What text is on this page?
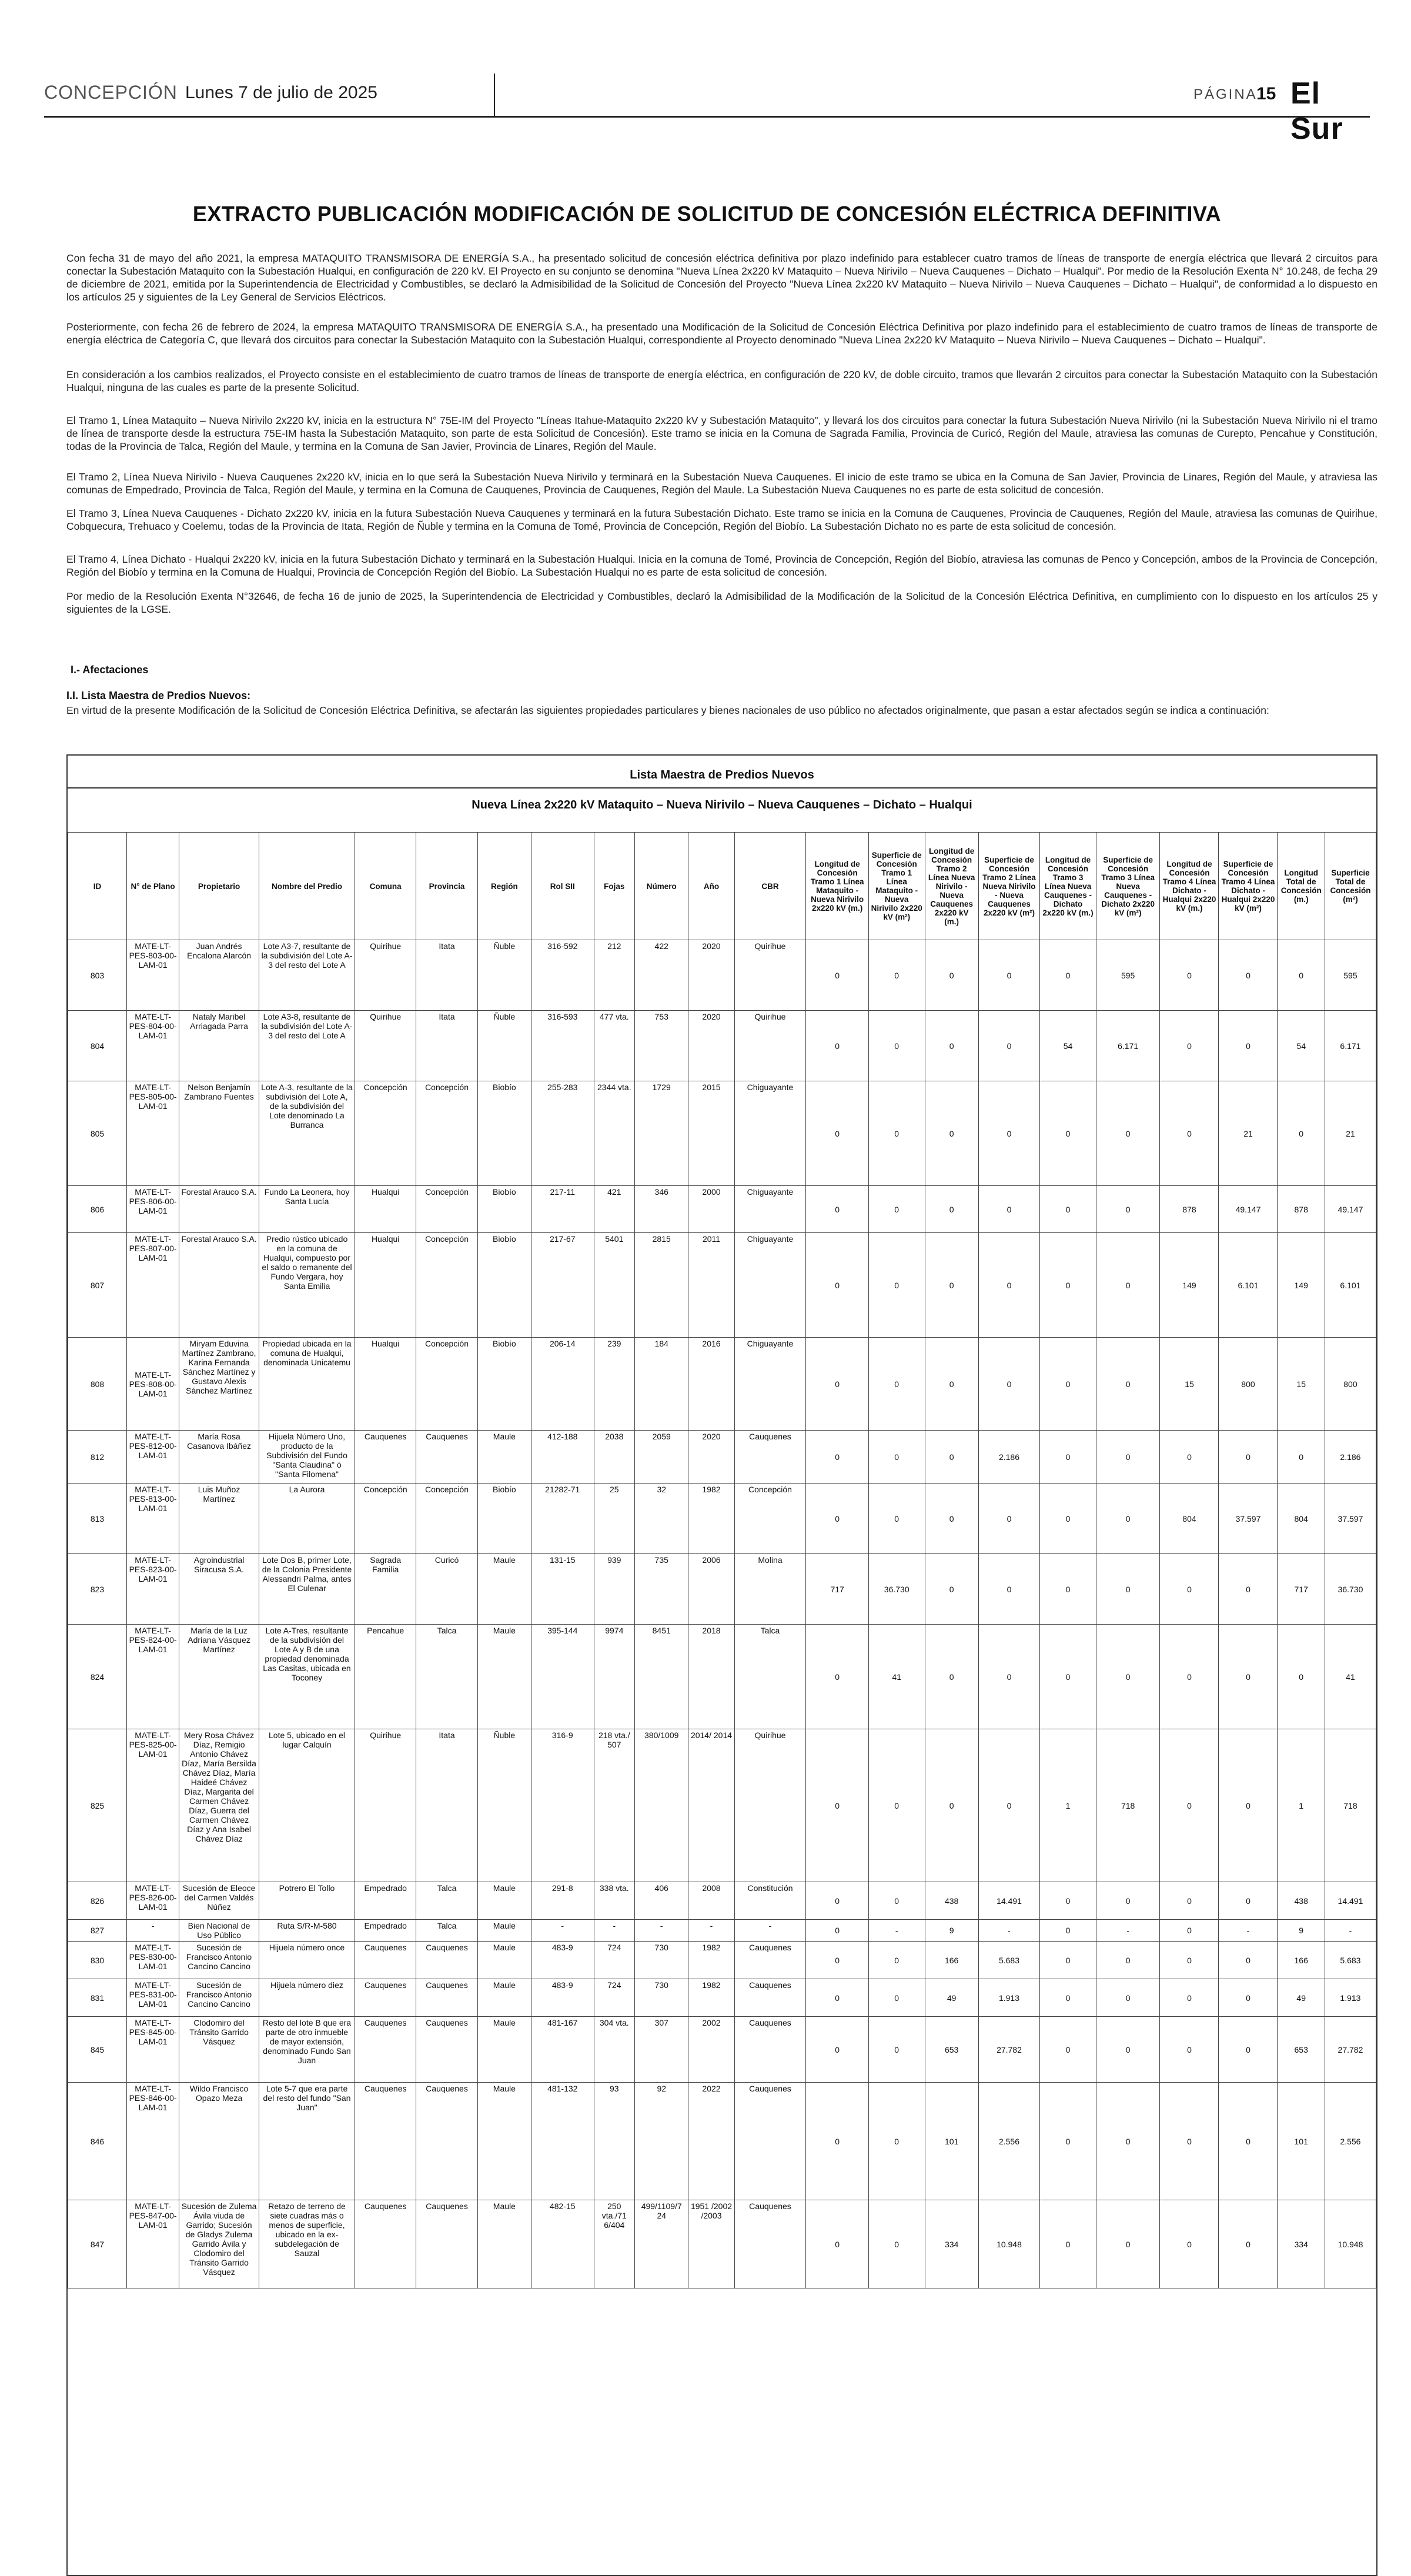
CONCEPCIÓN Lunes 7 de julio de 2025	PÁGINA
15 El Sur
EXTRACTO PUBLICACIÓN MODIFICACIÓN DE SOLICITUD DE CONCESIÓN ELÉCTRICA DEFINITIVA
Con fecha 31 de mayo del año 2021, la empresa MATAQUITO TRANSMISORA DE ENERGÍA S.A., ha presentado solicitud de concesión eléctrica definitiva por plazo indefinido para establecer cuatro tramos de líneas de transporte de energía eléctrica que llevará 2 circuitos para conectar la Subestación Mataquito con la Subestación Hualqui, en configuración de 220 kV. El Proyecto en su conjunto se denomina "Nueva Línea 2x220 kV Mataquito – Nueva Nirivilo – Nueva Cauquenes – Dichato – Hualqui". Por medio de la Resolución Exenta N° 10.248, de fecha 29 de diciembre de 2021, emitida por la Superintendencia de Electricidad y Combustibles, se declaró la Admisibilidad de la Solicitud de Concesión del Proyecto "Nueva Línea 2x220 kV Mataquito – Nueva Nirivilo – Nueva Cauquenes – Dichato – Hualqui", de conformidad a lo dispuesto en los artículos 25 y siguientes de la Ley General de Servicios Eléctricos.
Posteriormente, con fecha 26 de febrero de 2024, la empresa MATAQUITO TRANSMISORA DE ENERGÍA S.A., ha presentado una Modificación de la Solicitud de Concesión Eléctrica Definitiva por plazo indefinido para el establecimiento de cuatro tramos de líneas de transporte de energía eléctrica de Categoría C, que llevará dos circuitos para conectar la Subestación Mataquito con la Subestación Hualqui, correspondiente al Proyecto denominado "Nueva Línea 2x220 kV Mataquito – Nueva Nirivilo – Nueva Cauquenes – Dichato – Hualqui".
En consideración a los cambios realizados, el Proyecto consiste en el establecimiento de cuatro tramos de líneas de transporte de energía eléctrica, en configuración de 220 kV, de doble circuito, tramos que llevarán 2 circuitos para conectar la Subestación Mataquito con la Subestación Hualqui, ninguna de las cuales es parte de la presente Solicitud.
El Tramo 1, Línea Mataquito – Nueva Nirivilo 2x220 kV, inicia en la estructura N° 75E-IM del Proyecto "Líneas Itahue-Mataquito 2x220 kV y Subestación Mataquito", y llevará los dos circuitos para conectar la futura Subestación Nueva Nirivilo (ni la Subestación Nueva Nirivilo ni el tramo de línea de transporte desde la estructura 75E-IM hasta la Subestación Mataquito, son parte de esta Solicitud de Concesión). Este tramo se inicia en la Comuna de Sagrada Familia, Provincia de Curicó, Región del Maule, atraviesa las comunas de Curepto, Pencahue y Constitución, todas de la Provincia de Talca, Región del Maule, y termina en la Comuna de San Javier, Provincia de Linares, Región del Maule.
El Tramo 2, Línea Nueva Nirivilo - Nueva Cauquenes 2x220 kV, inicia en lo que será la Subestación Nueva Nirivilo y terminará en la Subestación Nueva Cauquenes. El inicio de este tramo se ubica en la Comuna de San Javier, Provincia de Linares, Región del Maule, y atraviesa las comunas de Empedrado, Provincia de Talca, Región del Maule, y termina en la Comuna de Cauquenes, Provincia de Cauquenes, Región del Maule. La Subestación Nueva Cauquenes no es parte de esta solicitud de concesión.
El Tramo 3, Línea Nueva Cauquenes - Dichato 2x220 kV, inicia en la futura Subestación Nueva Cauquenes y terminará en la futura Subestación Dichato. Este tramo se inicia en la Comuna de Cauquenes, Provincia de Cauquenes, Región del Maule, atraviesa las comunas de Quirihue, Cobquecura, Trehuaco y Coelemu, todas de la Provincia de Itata, Región de Ñuble y termina en la Comuna de Tomé, Provincia de Concepción, Región del Biobío. La Subestación Dichato no es parte de esta solicitud de concesión.
El Tramo 4, Línea Dichato - Hualqui 2x220 kV, inicia en la futura Subestación Dichato y terminará en la Subestación Hualqui. Inicia en la comuna de Tomé, Provincia de Concepción, Región del Biobío, atraviesa las comunas de Penco y Concepción, ambos de la Provincia de Concepción, Región del Biobío y termina en la Comuna de Hualqui, Provincia de Concepción Región del Biobío. La Subestación Hualqui no es parte de esta solicitud de concesión.
Por medio de la Resolución Exenta N°32646, de fecha 16 de junio de 2025, la Superintendencia de Electricidad y Combustibles, declaró la Admisibilidad de la Modificación de la Solicitud de la Concesión Eléctrica Definitiva, en cumplimiento con lo dispuesto en los artículos 25 y siguientes de la LGSE.
I.- Afectaciones
I.I. Lista Maestra de Predios Nuevos:
En virtud de la presente Modificación de la Solicitud de Concesión Eléctrica Definitiva, se afectarán las siguientes propiedades particulares y bienes nacionales de uso público no afectados originalmente, que pasan a estar afectados según se indica a continuación:
Lista Maestra de Predios Nuevos
Nueva Línea 2x220 kV Mataquito – Nueva Nirivilo – Nueva Cauquenes – Dichato – Hualqui
ID	N° de Plano	Propietario	Nombre del Predio	Comuna	Provincia	Región	Rol SII	Fojas	Número	Año	CBR	Longitud de Concesión Tramo 1 Línea Mataquito - Nueva Nirivilo 2x220 kV (m.)	Superficie de Concesión Tramo 1 Línea Mataquito - Nueva Nirivilo 2x220 kV (m²)	Longitud de Concesión Tramo 2 Línea Nueva Nirivilo - Nueva Cauquenes 2x220 kV (m.)	Superficie de Concesión Tramo 2 Línea Nueva Nirivilo - Nueva Cauquenes 2x220 kV (m²)	Longitud de Concesión Tramo 3 Línea Nueva Cauquenes - Dichato 2x220 kV (m.)	Superficie de Concesión Tramo 3 Línea Nueva Cauquenes - Dichato 2x220 kV (m²)	Longitud de Concesión Tramo 4 Línea Dichato - Hualqui 2x220 kV (m.)	Superficie de Concesión Tramo 4 Línea Dichato - Hualqui 2x220 kV (m²)	Longitud Total de Concesión (m.)	Superficie Total de Concesión (m²)
803	MATE-LT-PES-803-00-LAM-01	Juan Andrés Encalona Alarcón	Lote A3-7, resultante de la subdivisión del Lote A-3 del resto del Lote A	Quirihue	Itata	Ñuble	316-592	212	422	2020	Quirihue	0	0	0	0	0	595	0	0	0	595
804	MATE-LT-PES-804-00-LAM-01	Nataly Maribel Arriagada Parra	Lote A3-8, resultante de la subdivisión del Lote A-3 del resto del Lote A	Quirihue	Itata	Ñuble	316-593	477 vta.	753	2020	Quirihue	0	0	0	0	54	6.171	0	0	54	6.171
805	MATE-LT-PES-805-00-LAM-01	Nelson Benjamín Zambrano Fuentes	Lote A-3, resultante de la subdivisión del Lote A, de la subdivisión del Lote denominado La Burranca	Concepción	Concepción	Biobío	255-283	2344 vta.	1729	2015	Chiguayante	0	0	0	0	0	0	0	21	0	21
806	MATE-LT-PES-806-00-LAM-01	Forestal Arauco S.A.	Fundo La Leonera, hoy Santa Lucía	Hualqui	Concepción	Biobío	217-11	421	346	2000	Chiguayante	0	0	0	0	0	0	878	49.147	878	49.147
807	MATE-LT-PES-807-00-LAM-01	Forestal Arauco S.A.	Predio rústico ubicado en la comuna de Hualqui, compuesto por el saldo o remanente del Fundo Vergara, hoy Santa Emilia	Hualqui	Concepción	Biobío	217-67	5401	2815	2011	Chiguayante	0	0	0	0	0	0	149	6.101	149	6.101
808	MATE-LT-PES-808-00-LAM-01	Miryam Eduvina Martínez Zambrano, Karina Fernanda Sánchez Martínez y Gustavo Alexis Sánchez Martínez	Propiedad ubicada en la comuna de Hualqui, denominada Unicatemu	Hualqui	Concepción	Biobío	206-14	239	184	2016	Chiguayante	0	0	0	0	0	0	15	800	15	800
812	MATE-LT-PES-812-00-LAM-01	María Rosa Casanova Ibáñez	Hijuela Número Uno, producto de la Subdivisión del Fundo "Santa Claudina" ó "Santa Filomena"	Cauquenes	Cauquenes	Maule	412-188	2038	2059	2020	Cauquenes	0	0	0	2.186	0	0	0	0	0	2.186
813	MATE-LT-PES-813-00-LAM-01	Luis Muñoz Martínez	La Aurora	Concepción	Concepción	Biobío	21282-71	25	32	1982	Concepción	0	0	0	0	0	0	804	37.597	804	37.597
823	MATE-LT-PES-823-00-LAM-01	Agroindustrial Siracusa S.A.	Lote Dos B, primer Lote, de la Colonia Presidente Alessandri Palma, antes El Culenar	Sagrada Familia	Curicó	Maule	131-15	939	735	2006	Molina	717	36.730	0	0	0	0	0	0	717	36.730
824	MATE-LT-PES-824-00-LAM-01	María de la Luz Adriana Vásquez Martínez	Lote A-Tres, resultante de la subdivisión del Lote A y B de una propiedad denominada Las Casitas, ubicada en Toconey	Pencahue	Talca	Maule	395-144	9974	8451	2018	Talca	0	41	0	0	0	0	0	0	0	41
825	MATE-LT-PES-825-00-LAM-01	Mery Rosa Chávez Díaz, Remigio Antonio Chávez Díaz, María Bersilda Chávez Díaz, María Haideé Chávez Díaz, Margarita del Carmen Chávez Díaz, Guerra del Carmen Chávez Díaz y Ana Isabel Chávez Díaz	Lote 5, ubicado en el lugar Calquín	Quirihue	Itata	Ñuble	316-9	218 vta./ 507	380/1009	2014/ 2014	Quirihue	0	0	0	0	1	718	0	0	1	718
826	MATE-LT-PES-826-00-LAM-01	Sucesión de Eleoce del Carmen Valdés Núñez	Potrero El Tollo	Empedrado	Talca	Maule	291-8	338 vta.	406	2008	Constitución	0	0	438	14.491	0	0	0	0	438	14.491
827	-	Bien Nacional de Uso Público	Ruta S/R-M-580	Empedrado	Talca	Maule	-	-	-	-	-	0	-	9	-	0	-	0	-	9	-
830	MATE-LT-PES-830-00-LAM-01	Sucesión de Francisco Antonio Cancino Cancino	Hijuela número once	Cauquenes	Cauquenes	Maule	483-9	724	730	1982	Cauquenes	0	0	166	5.683	0	0	0	0	166	5.683
831	MATE-LT-PES-831-00-LAM-01	Sucesión de Francisco Antonio Cancino Cancino	Hijuela número diez	Cauquenes	Cauquenes	Maule	483-9	724	730	1982	Cauquenes	0	0	49	1.913	0	0	0	0	49	1.913
845	MATE-LT-PES-845-00-LAM-01	Clodomiro del Tránsito Garrido Vásquez	Resto del lote B que era parte de otro inmueble de mayor extensión, denominado Fundo San Juan	Cauquenes	Cauquenes	Maule	481-167	304 vta.	307	2002	Cauquenes	0	0	653	27.782	0	0	0	0	653	27.782
846	MATE-LT-PES-846-00-LAM-01	Wildo Francisco Opazo Meza	Lote 5-7 que era parte del resto del fundo "San Juan"	Cauquenes	Cauquenes	Maule	481-132	93	92	2022	Cauquenes	0	0	101	2.556	0	0	0	0	101	2.556
847	MATE-LT-PES-847-00-LAM-01	Sucesión de Zulema Ávila viuda de Garrido; Sucesión de Gladys Zulema Garrido Ávila y Clodomiro del Tránsito Garrido Vásquez	Retazo de terreno de siete cuadras más o menos de superficie, ubicado en la ex-subdelegación de Sauzal	Cauquenes	Cauquenes	Maule	482-15	250 vta./71 6/404	499/1109/7 24	1951 /2002 /2003	Cauquenes	0	0	334	10.948	0	0	0	0	334	10.948
